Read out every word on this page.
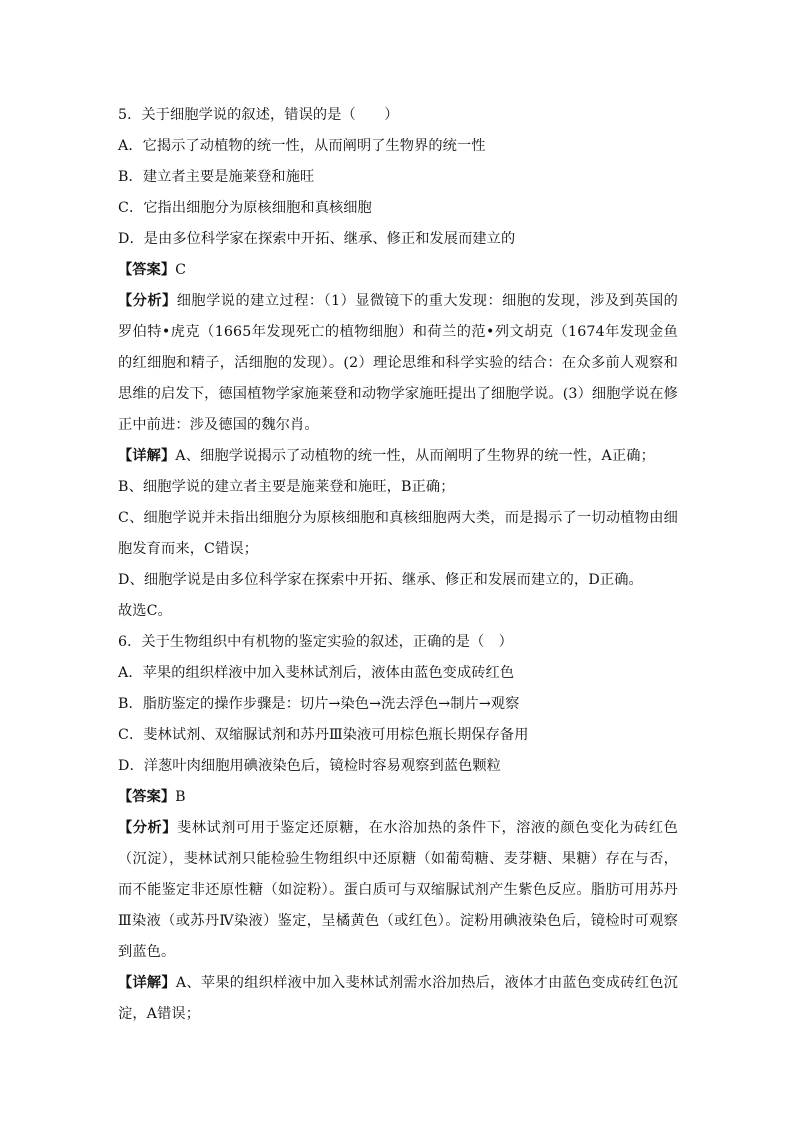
5．关于细胞学说的叙述，错误的是（　　）
A．它揭示了动植物的统一性，从而阐明了生物界的统一性
B．建立者主要是施莱登和施旺
C．它指出细胞分为原核细胞和真核细胞
D．是由多位科学家在探索中开拓、继承、修正和发展而建立的
【答案】C
【分析】细胞学说的建立过程：（1）显微镜下的重大发现：细胞的发现，涉及到英国的罗伯特•虎克（1665年发现死亡的植物细胞）和荷兰的范•列文胡克（1674年发现金鱼的红细胞和精子，活细胞的发现）。(2）理论思维和科学实验的结合：在众多前人观察和思维的启发下，德国植物学家施莱登和动物学家施旺提出了细胞学说。(3）细胞学说在修正中前进：涉及德国的魏尔肖。
【详解】A、细胞学说揭示了动植物的统一性，从而阐明了生物界的统一性，A正确；
B、细胞学说的建立者主要是施莱登和施旺，B正确；
C、细胞学说并未指出细胞分为原核细胞和真核细胞两大类，而是揭示了一切动植物由细胞发育而来，C错误；
D、细胞学说是由多位科学家在探索中开拓、继承、修正和发展而建立的，D正确。
故选C。
6．关于生物组织中有机物的鉴定实验的叙述，正确的是（　）
A．苹果的组织样液中加入斐林试剂后，液体由蓝色变成砖红色
B．脂肪鉴定的操作步骤是：切片→染色→洗去浮色→制片→观察
C．斐林试剂、双缩脲试剂和苏丹Ⅲ染液可用棕色瓶长期保存备用
D．洋葱叶肉细胞用碘液染色后，镜检时容易观察到蓝色颗粒
【答案】B
【分析】斐林试剂可用于鉴定还原糖，在水浴加热的条件下，溶液的颜色变化为砖红色（沉淀），斐林试剂只能检验生物组织中还原糖（如葡萄糖、麦芽糖、果糖）存在与否，而不能鉴定非还原性糖（如淀粉）。蛋白质可与双缩脲试剂产生紫色反应。脂肪可用苏丹Ⅲ染液（或苏丹Ⅳ染液）鉴定，呈橘黄色（或红色）。淀粉用碘液染色后，镜检时可观察到蓝色。
【详解】A、苹果的组织样液中加入斐林试剂需水浴加热后，液体才由蓝色变成砖红色沉淀，A错误；
